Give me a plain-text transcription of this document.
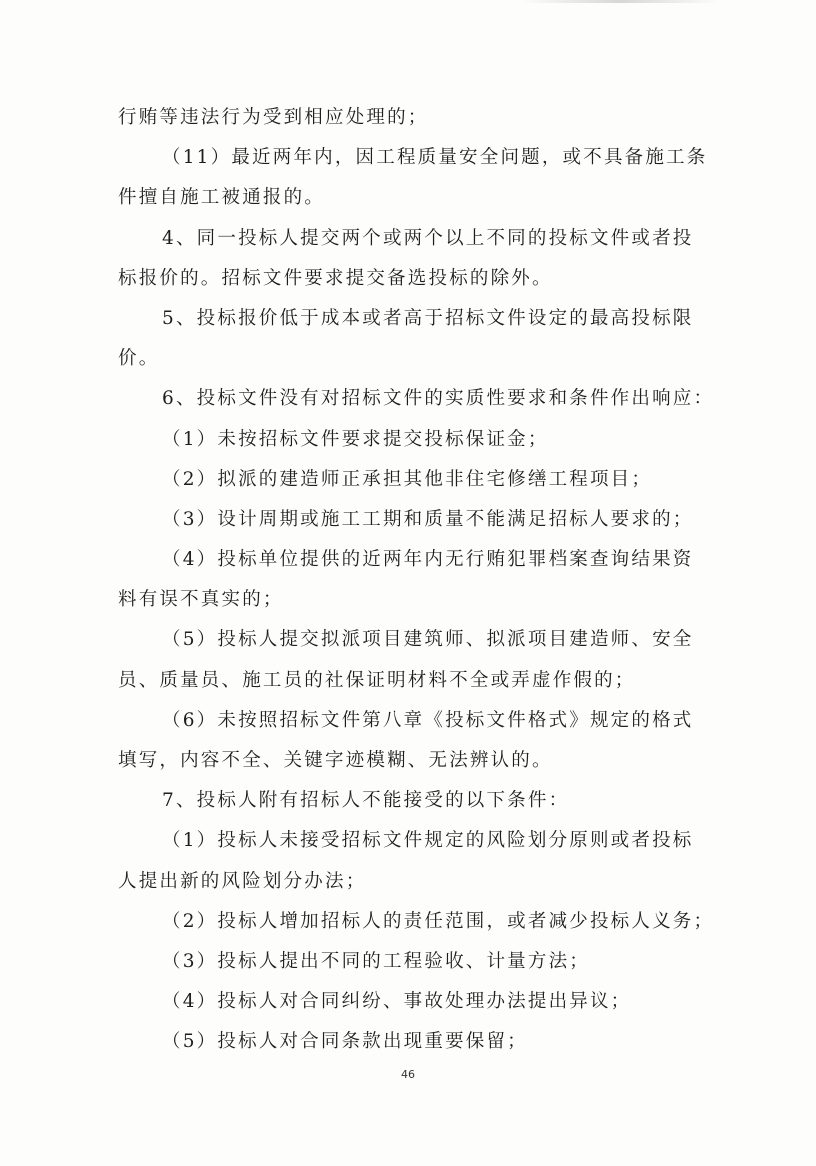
行贿等违法行为受到相应处理的；
（11）最近两年内，因工程质量安全问题，或不具备施工条
件擅自施工被通报的。
4、同一投标人提交两个或两个以上不同的投标文件或者投
标报价的。招标文件要求提交备选投标的除外。
5、投标报价低于成本或者高于招标文件设定的最高投标限
价。
6、投标文件没有对招标文件的实质性要求和条件作出响应：
（1）未按招标文件要求提交投标保证金；
（2）拟派的建造师正承担其他非住宅修缮工程项目；
（3）设计周期或施工工期和质量不能满足招标人要求的；
（4）投标单位提供的近两年内无行贿犯罪档案查询结果资
料有误不真实的；
（5）投标人提交拟派项目建筑师、拟派项目建造师、安全
员、质量员、施工员的社保证明材料不全或弄虚作假的；
（6）未按照招标文件第八章《投标文件格式》规定的格式
填写，内容不全、关键字迹模糊、无法辨认的。
7、投标人附有招标人不能接受的以下条件：
（1）投标人未接受招标文件规定的风险划分原则或者投标
人提出新的风险划分办法；
（2）投标人增加招标人的责任范围，或者减少投标人义务；
（3）投标人提出不同的工程验收、计量方法；
（4）投标人对合同纠纷、事故处理办法提出异议；
（5）投标人对合同条款出现重要保留；
46
